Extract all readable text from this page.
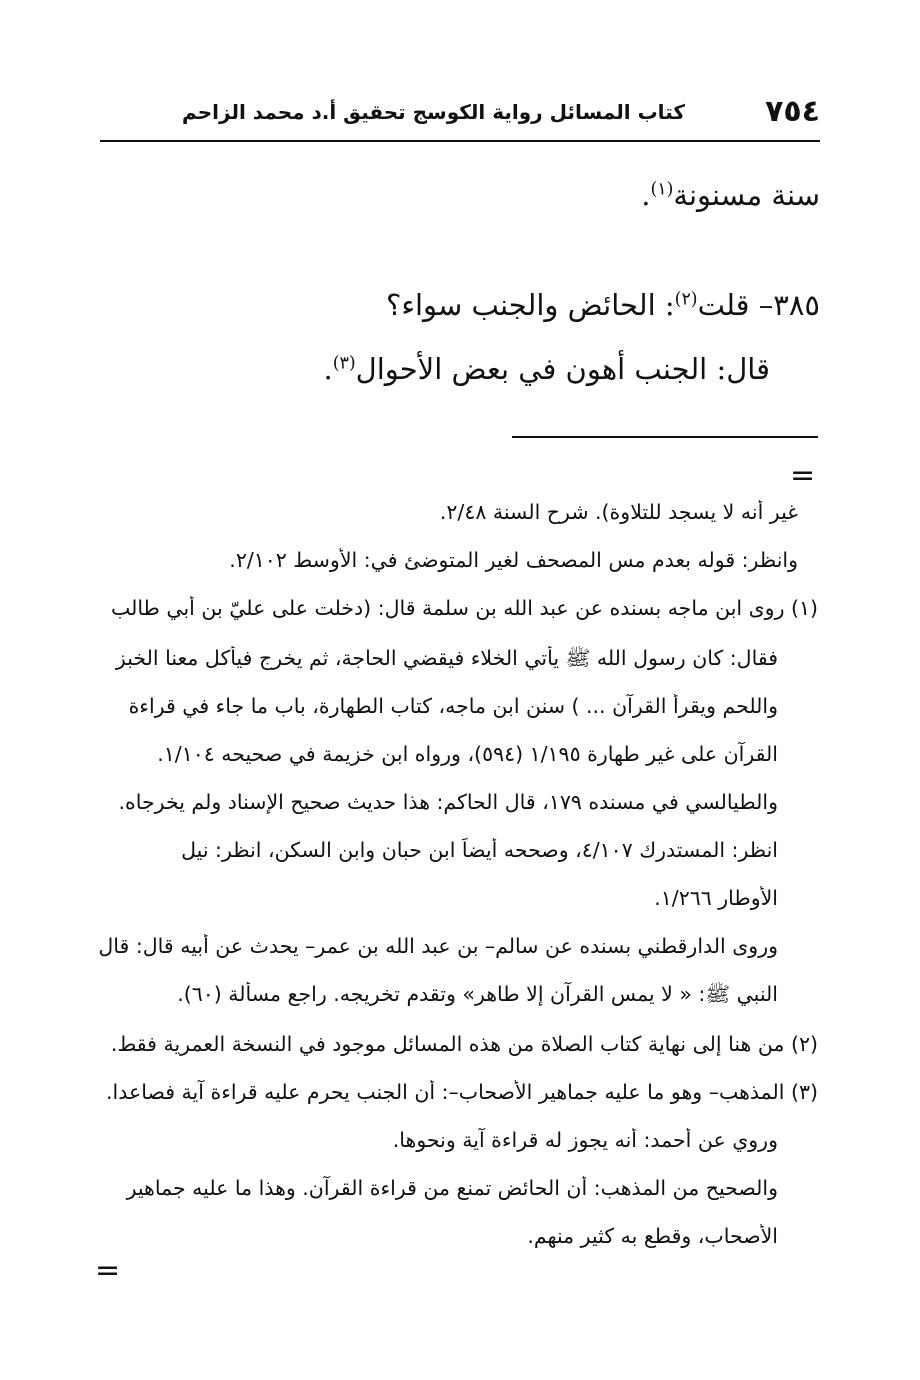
٧٥٤
كتاب المسائل رواية الكوسج تحقيق أ.د محمد الزاحم
سنة مسنونة$^{(١)}$.
٣٨٥– قلت$^{(٢)}$: الحائض والجنب سواء؟
قال: الجنب أهون في بعض الأحوال$^{(٣)}$.
=
غير أنه لا يسجد للتلاوة). شرح السنة ٢/٤٨.
وانظر: قوله بعدم مس المصحف لغير المتوضئ في: الأوسط ٢/١٠٢.
(١) روى ابن ماجه بسنده عن عبد الله بن سلمة قال: (دخلت على عليّ بن أبي طالب
فقال: كان رسول الله ﷺ يأتي الخلاء فيقضي الحاجة، ثم يخرج فيأكل معنا الخبز
واللحم ويقرأ القرآن ... ) سنن ابن ماجه، كتاب الطهارة، باب ما جاء في قراءة
القرآن على غير طهارة ١/١٩٥ (٥٩٤)، ورواه ابن خزيمة في صحيحه ١/١٠٤.
والطيالسي في مسنده ١٧٩، قال الحاكم: هذا حديث صحيح الإسناد ولم يخرجاه.
انظر: المستدرك ٤/١٠٧، وصححه أيضاً ابن حبان وابن السكن، انظر: نيل
الأوطار ١/٢٦٦.
وروى الدارقطني بسنده عن سالم– بن عبد الله بن عمر– يحدث عن أبيه قال: قال
النبي ﷺ: « لا يمس القرآن إلا طاهر» وتقدم تخريجه. راجع مسألة (٦٠).
(٢) من هنا إلى نهاية كتاب الصلاة من هذه المسائل موجود في النسخة العمرية فقط.
(٣) المذهب– وهو ما عليه جماهير الأصحاب–: أن الجنب يحرم عليه قراءة آية فصاعدا.
وروي عن أحمد: أنه يجوز له قراءة آية ونحوها.
والصحيح من المذهب: أن الحائض تمنع من قراءة القرآن. وهذا ما عليه جماهير
الأصحاب، وقطع به كثير منهم.
=
